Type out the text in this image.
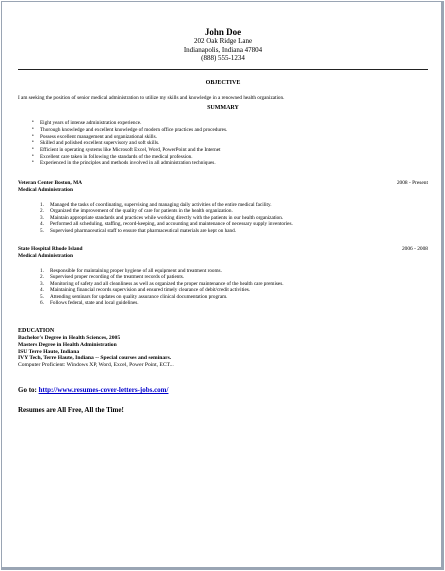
John Doe
202 Oak Ridge Lane
Indianapolis, Indiana 47804
(888) 555-1234
OBJECTIVE
I am seeking the position of senior medical administration to utilize my skills and knowledge in a renowned health organization.
SUMMARY
• Eight years of intense administration experience.
• Thorough knowledge and excellent knowledge of modern office practices and procedures.
• Possess excellent management and organizational skills.
• Skilled and polished excellent supervisory and soft skills.
• Efficient in operating systems like Microsoft Excel, Word, PowerPoint and the Internet
• Excellent care taken in following the standards of the medical profession.
• Experienced in the principles and methods involved in all administration techniques.
Veteran Center Boston, MA	2008 - Present
Medical Administration
1. Managed the tasks of coordinating, supervising and managing daily activities of the entire medical facility.
2. Organized the improvement of the quality of care for patients in the health organization.
3. Maintain appropriate standards and practices while working directly with the patients in our health organization.
4. Performed all scheduling, staffing, record-keeping, and accounting and maintenance of necessary supply inventories.
5. Supervised pharmaceutical staff to ensure that pharmaceutical materials are kept on hand.
State Hospital Rhode Island	2006 - 2008
Medical Administration
1. Responsible for maintaining proper hygiene of all equipment and treatment rooms.
2. Supervised proper recording of the treatment records of patients.
3. Monitoring of safety and all cleanliness as well as organized the proper maintenance of the health care premises.
4. Maintaining financial records supervision and ensured timely clearance of debit/credit activities.
5. Attending seminars for updates on quality assurance clinical documentation program.
6. Follows federal, state and local guidelines.
EDUCATION
Bachelor's Degree in Health Sciences, 2005
Masters Degree in Health Administration
ISU Terre Haute, Indiana
IVY Tech, Terre Haute, Indiana -- Special courses and seminars.
Computer Proficient: Windows XP, Word, Excel, Power Point, ECT...
Go to: http://www.resumes-cover-letters-jobs.com/
Resumes are All Free, All the Time!
